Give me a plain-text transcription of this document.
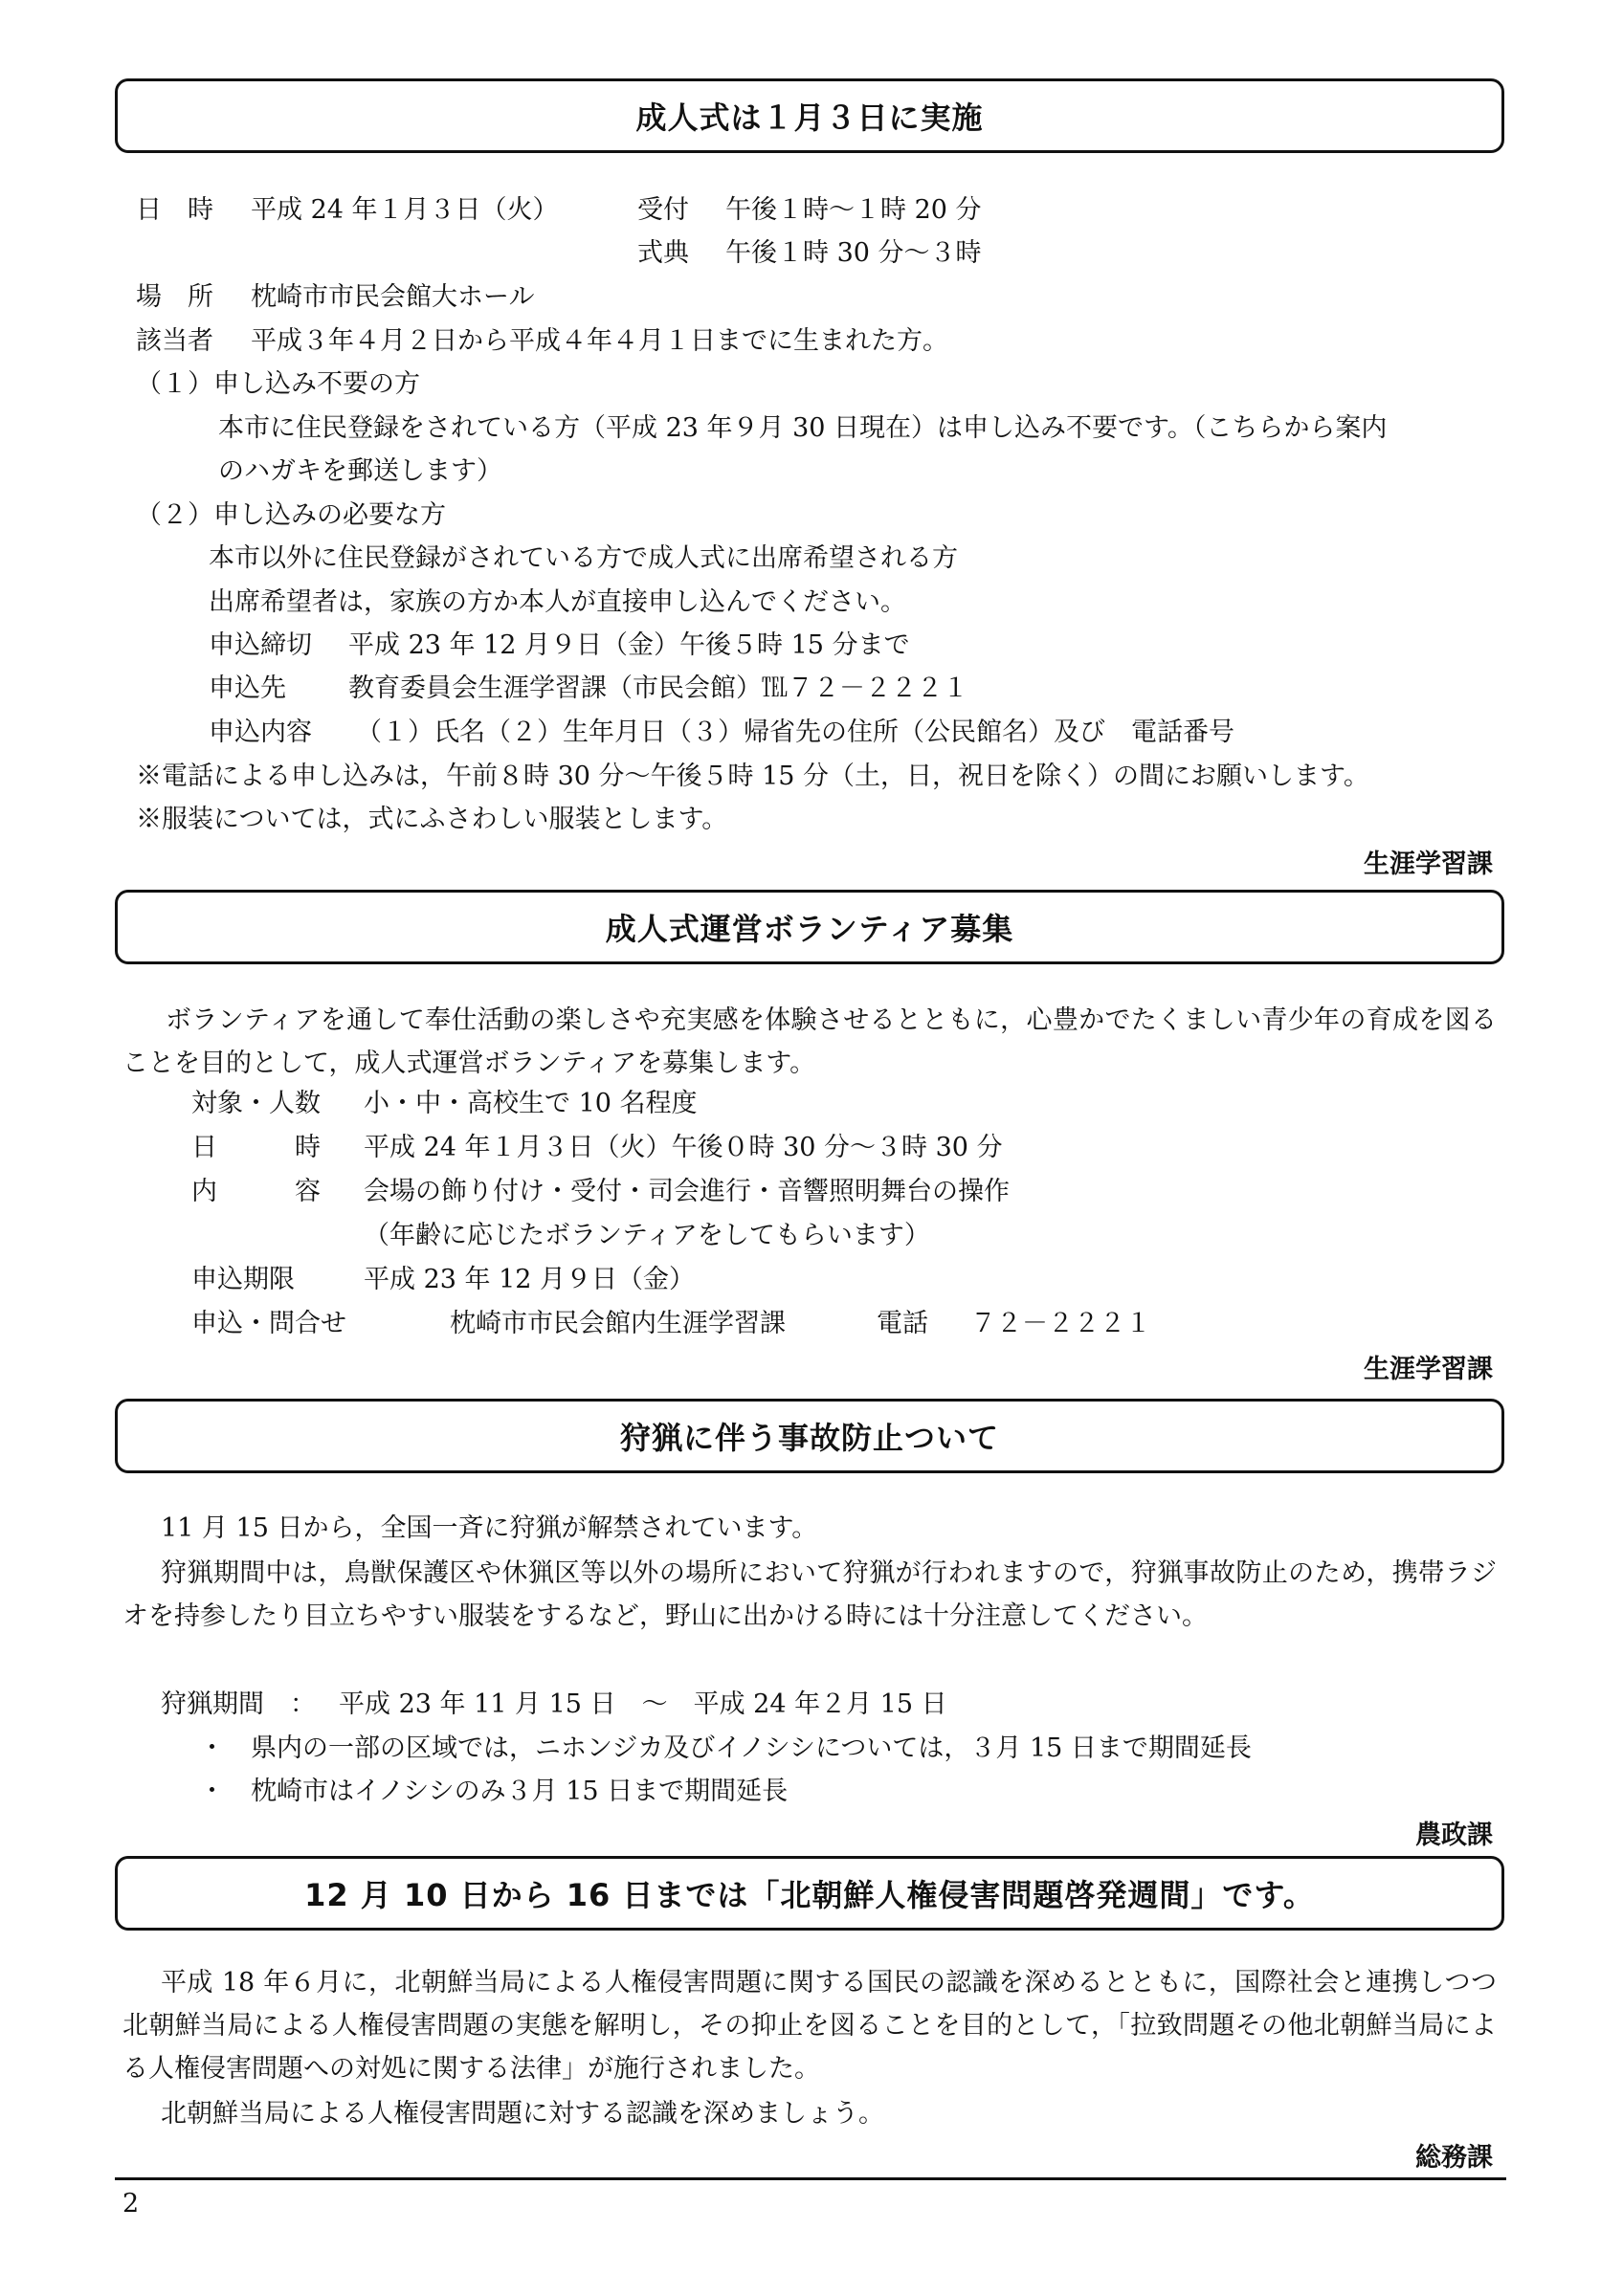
成人式は１月３日に実施
日　時 平成 24 年１月３日（火）	受付 午後１時～１時 20 分
式典 午後１時 30 分～３時
場　所 枕崎市市民会館大ホール
該当者 平成３年４月２日から平成４年４月１日までに生まれた方。
（１）申し込み不要の方
本市に住民登録をされている方（平成 23 年９月 30 日現在）は申し込み不要です。（こちらから案内
のハガキを郵送します）
（２）申し込みの必要な方
本市以外に住民登録がされている方で成人式に出席希望される方
出席希望者は，家族の方か本人が直接申し込んでください。
申込締切 平成 23 年 12 月９日（金）午後５時 15 分まで
申込先 教育委員会生涯学習課（市民会館）℡７２－２２２１
申込内容 （１）氏名（２）生年月日（３）帰省先の住所（公民館名）及び　電話番号
※電話による申し込みは，午前８時 30 分～午後５時 15 分（土，日，祝日を除く）の間にお願いします。
※服装については，式にふさわしい服装とします。
生涯学習課
成人式運営ボランティア募集
ボランティアを通して奉仕活動の楽しさや充実感を体験させるとともに，心豊かでたくましい青少年の育成を図ることを目的として，成人式運営ボランティアを募集します。
対象・人数 小・中・高校生で 10 名程度
日　　　時 平成 24 年１月３日（火）午後０時 30 分～３時 30 分
内　　　容 会場の飾り付け・受付・司会進行・音響照明舞台の操作
（年齢に応じたボランティアをしてもらいます）
申込期限	平成 23 年 12 月９日（金）
申込・問合せ	枕崎市市民会館内生涯学習課	電話 ７２－２２２１
生涯学習課
狩猟に伴う事故防止ついて
11 月 15 日から，全国一斉に狩猟が解禁されています。
狩猟期間中は，鳥獣保護区や休猟区等以外の場所において狩猟が行われますので，狩猟事故防止のため，携帯ラジオを持参したり目立ちやすい服装をするなど，野山に出かける時には十分注意してください。
狩猟期間　： 平成 23 年 11 月 15 日　～　平成 24 年２月 15 日
・ 県内の一部の区域では，ニホンジカ及びイノシシについては，３月 15 日まで期間延長
・ 枕崎市はイノシシのみ３月 15 日まで期間延長
農政課
12 月 10 日から 16 日までは「北朝鮮人権侵害問題啓発週間」です。
平成 18 年６月に，北朝鮮当局による人権侵害問題に関する国民の認識を深めるとともに，国際社会と連携しつつ北朝鮮当局による人権侵害問題の実態を解明し，その抑止を図ることを目的として，「拉致問題その他北朝鮮当局による人権侵害問題への対処に関する法律」が施行されました。
北朝鮮当局による人権侵害問題に対する認識を深めましょう。
総務課
2
